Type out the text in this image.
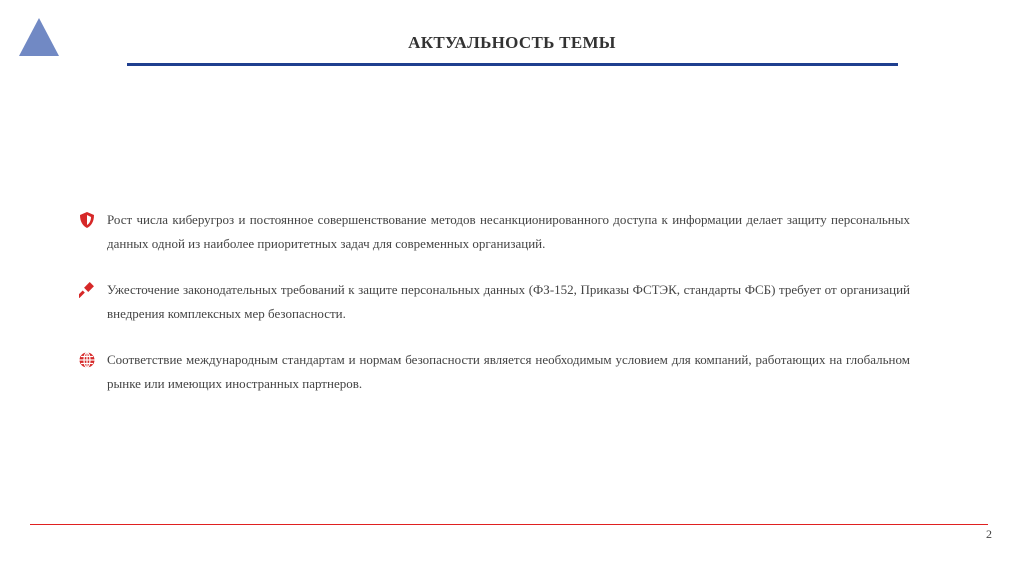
АКТУАЛЬНОСТЬ ТЕМЫ
Рост числа киберугроз и постоянное совершенствование методов несанкционированного доступа к информации делает защиту персональных данных одной из наиболее приоритетных задач для современных организаций.
Ужесточение законодательных требований к защите персональных данных (ФЗ-152, Приказы ФСТЭК, стандарты ФСБ) требует от организаций внедрения комплексных мер безопасности.
Соответствие международным стандартам и нормам безопасности является необходимым условием для компаний, работающих на глобальном рынке или имеющих иностранных партнеров.
2
